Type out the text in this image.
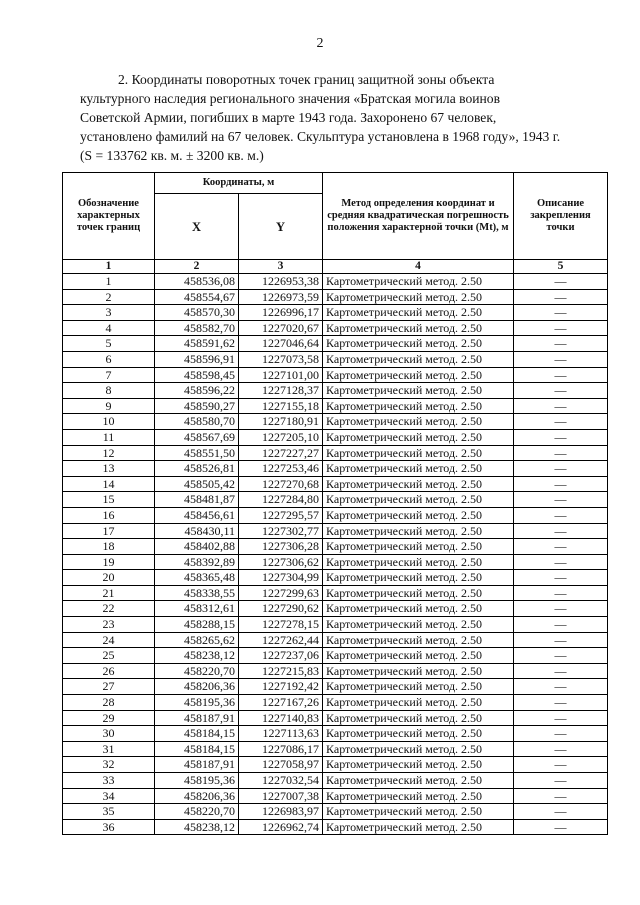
2

2. Координаты поворотных точек границ защитной зоны объекта культурного наследия регионального значения «Братская могила воинов Советской Армии, погибших в марте 1943 года. Захоронено 67 человек, установлено фамилий на 67 человек. Скульптура установлена в 1968 году», 1943 г. (S = 133762 кв. м. ± 3200 кв. м.)

Обозначение характерных точек границ	Координаты, м		Метод определения координат и средняя квадратическая погрешность положения характерной точки (Мt), м	Описание закрепления точки
	X	Y		
1	2	3	4	5
1	458536,08	1226953,38	Картометрический метод. 2.50	—
2	458554,67	1226973,59	Картометрический метод. 2.50	—
3	458570,30	1226996,17	Картометрический метод. 2.50	—
4	458582,70	1227020,67	Картометрический метод. 2.50	—
5	458591,62	1227046,64	Картометрический метод. 2.50	—
6	458596,91	1227073,58	Картометрический метод. 2.50	—
7	458598,45	1227101,00	Картометрический метод. 2.50	—
8	458596,22	1227128,37	Картометрический метод. 2.50	—
9	458590,27	1227155,18	Картометрический метод. 2.50	—
10	458580,70	1227180,91	Картометрический метод. 2.50	—
11	458567,69	1227205,10	Картометрический метод. 2.50	—
12	458551,50	1227227,27	Картометрический метод. 2.50	—
13	458526,81	1227253,46	Картометрический метод. 2.50	—
14	458505,42	1227270,68	Картометрический метод. 2.50	—
15	458481,87	1227284,80	Картометрический метод. 2.50	—
16	458456,61	1227295,57	Картометрический метод. 2.50	—
17	458430,11	1227302,77	Картометрический метод. 2.50	—
18	458402,88	1227306,28	Картометрический метод. 2.50	—
19	458392,89	1227306,62	Картометрический метод. 2.50	—
20	458365,48	1227304,99	Картометрический метод. 2.50	—
21	458338,55	1227299,63	Картометрический метод. 2.50	—
22	458312,61	1227290,62	Картометрический метод. 2.50	—
23	458288,15	1227278,15	Картометрический метод. 2.50	—
24	458265,62	1227262,44	Картометрический метод. 2.50	—
25	458238,12	1227237,06	Картометрический метод. 2.50	—
26	458220,70	1227215,83	Картометрический метод. 2.50	—
27	458206,36	1227192,42	Картометрический метод. 2.50	—
28	458195,36	1227167,26	Картометрический метод. 2.50	—
29	458187,91	1227140,83	Картометрический метод. 2.50	—
30	458184,15	1227113,63	Картометрический метод. 2.50	—
31	458184,15	1227086,17	Картометрический метод. 2.50	—
32	458187,91	1227058,97	Картометрический метод. 2.50	—
33	458195,36	1227032,54	Картометрический метод. 2.50	—
34	458206,36	1227007,38	Картометрический метод. 2.50	—
35	458220,70	1226983,97	Картометрический метод. 2.50	—
36	458238,12	1226962,74	Картометрический метод. 2.50	—
